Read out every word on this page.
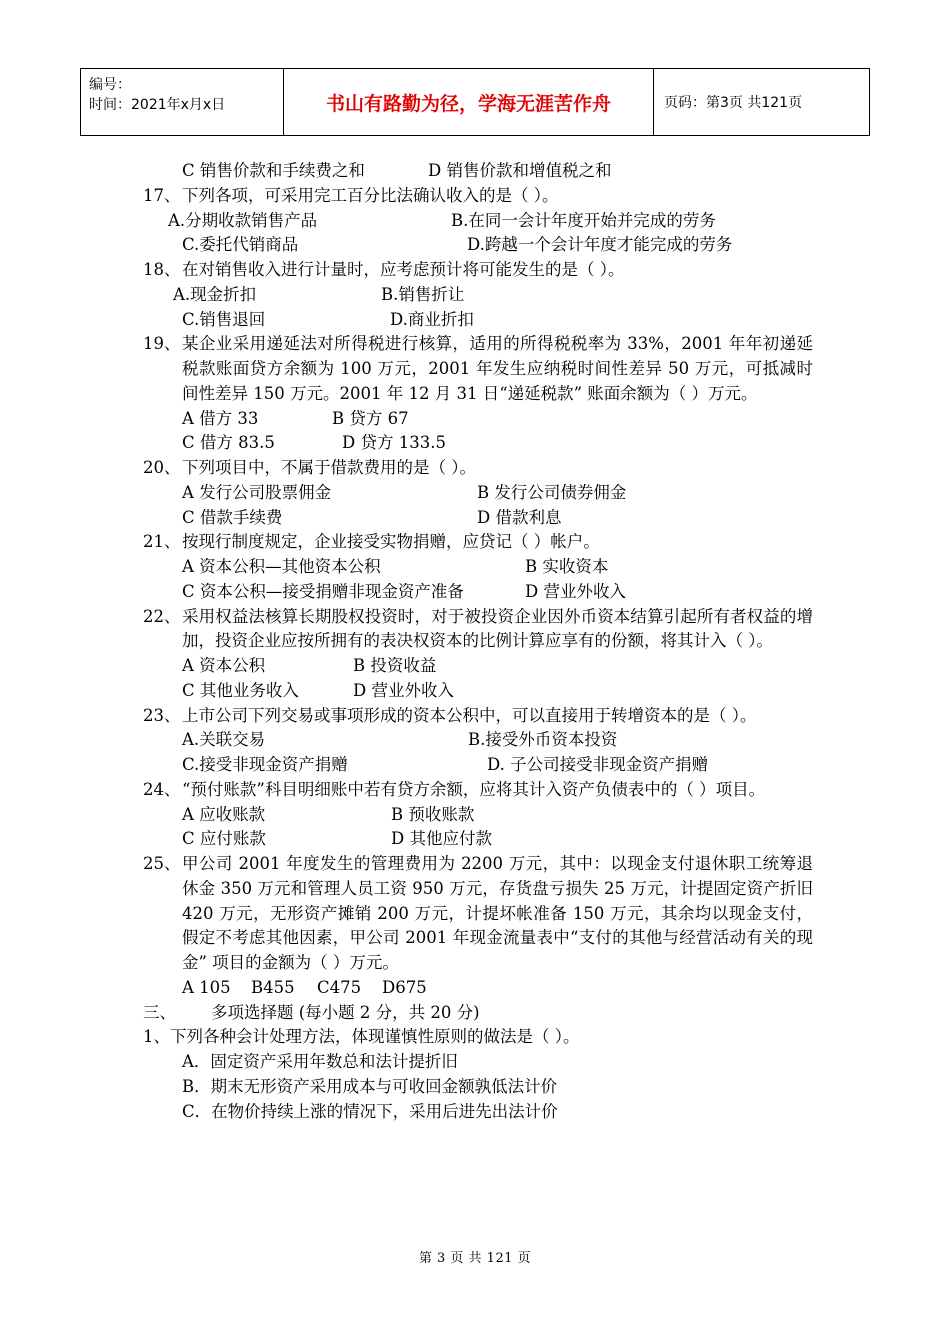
编号：
时间：2021年x月x日	书山有路勤为径，学海无涯苦作舟	页码：第3页 共121页
C 销售价款和手续费之和	D 销售价款和增值税之和
17、 下列各项，可采用完工百分比法确认收入的是（ ）。
A.分期收款销售产品	B.在同一会计年度开始并完成的劳务
C.委托代销商品	D.跨越一个会计年度才能完成的劳务
18、 在对销售收入进行计量时，应考虑预计将可能发生的是（ ）。
A.现金折扣	B.销售折让
C.销售退回	D.商业折扣
19、 某企业采用递延法对所得税进行核算，适用的所得税税率为 33%，2001 年年初递延税款账面贷方余额为 100 万元，2001 年发生应纳税时间性差异 50 万元，可抵减时间性差异 150 万元。2001 年 12 月 31 日“递延税款” 账面余额为（ ）万元。
A 借方 33	B 贷方 67
C 借方 83.5	D 贷方 133.5
20、 下列项目中，不属于借款费用的是（ ）。
A 发行公司股票佣金	B 发行公司债券佣金
C 借款手续费	D 借款利息
21、 按现行制度规定，企业接受实物捐赠，应贷记（ ）帐户。
A 资本公积—其他资本公积	B 实收资本
C 资本公积—接受捐赠非现金资产准备	D 营业外收入
22、 采用权益法核算长期股权投资时，对于被投资企业因外币资本结算引起所有者权益的增加，投资企业应按所拥有的表决权资本的比例计算应享有的份额，将其计入（ ）。
A 资本公积	B 投资收益
C 其他业务收入	D 营业外收入
23、 上市公司下列交易或事项形成的资本公积中，可以直接用于转增资本的是（ ）。
A.关联交易	B.接受外币资本投资
C.接受非现金资产捐赠	D. 子公司接受非现金资产捐赠
24、 “预付账款”科目明细账中若有贷方余额，应将其计入资产负债表中的（ ）项目。
A 应收账款	B 预收账款
C 应付账款	D 其他应付款
25、 甲公司 2001 年度发生的管理费用为 2200 万元，其中：以现金支付退休职工统筹退休金 350 万元和管理人员工资 950 万元，存货盘亏损失 25 万元，计提固定资产折旧 420 万元，无形资产摊销 200 万元，计提坏帐准备 150 万元，其余均以现金支付，假定不考虑其他因素，甲公司 2001 年现金流量表中“支付的其他与经营活动有关的现金” 项目的金额为（ ）万元。
A 105 B455 C475 D675
三、 多项选择题 (每小题 2 分，共 20 分)
1、下列各种会计处理方法，体现谨慎性原则的做法是（ ）。
A．固定资产采用年数总和法计提折旧
B．期末无形资产采用成本与可收回金额孰低法计价
C．在物价持续上涨的情况下，采用后进先出法计价
第 3 页 共 121 页
